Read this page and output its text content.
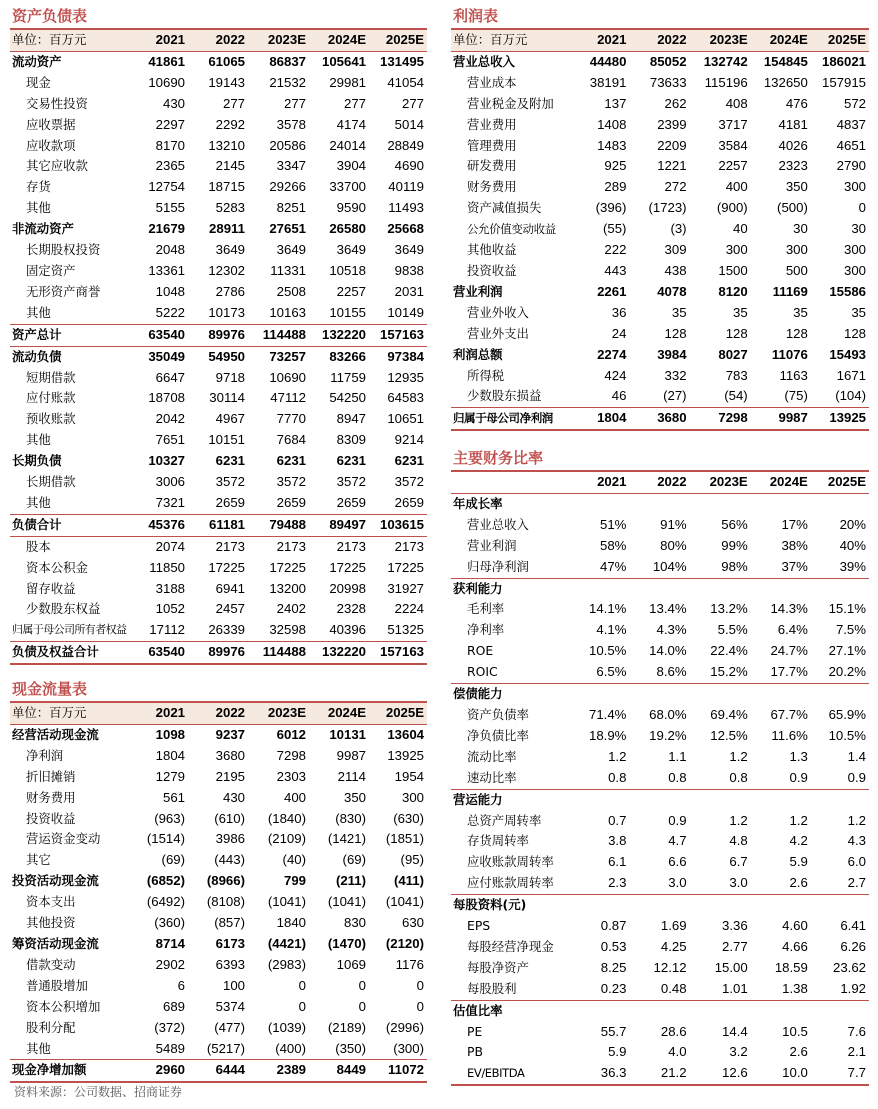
资产负债表
单位：百万元	2021	2022	2023E	2024E	2025E
流动资产	41861	61065	86837	105641	131495
现金	10690	19143	21532	29981	41054
交易性投资	430	277	277	277	277
应收票据	2297	2292	3578	4174	5014
应收款项	8170	13210	20586	24014	28849
其它应收款	2365	2145	3347	3904	4690
存货	12754	18715	29266	33700	40119
其他	5155	5283	8251	9590	11493
非流动资产	21679	28911	27651	26580	25668
长期股权投资	2048	3649	3649	3649	3649
固定资产	13361	12302	11331	10518	9838
无形资产商誉	1048	2786	2508	2257	2031
其他	5222	10173	10163	10155	10149
资产总计	63540	89976	114488	132220	157163
流动负债	35049	54950	73257	83266	97384
短期借款	6647	9718	10690	11759	12935
应付账款	18708	30114	47112	54250	64583
预收账款	2042	4967	7770	8947	10651
其他	7651	10151	7684	8309	9214
长期负债	10327	6231	6231	6231	6231
长期借款	3006	3572	3572	3572	3572
其他	7321	2659	2659	2659	2659
负债合计	45376	61181	79488	89497	103615
股本	2074	2173	2173	2173	2173
资本公积金	11850	17225	17225	17225	17225
留存收益	3188	6941	13200	20998	31927
少数股东权益	1052	2457	2402	2328	2224
归属于母公司所有者权益	17112	26339	32598	40396	51325
负债及权益合计	63540	89976	114488	132220	157163
现金流量表
单位：百万元	2021	2022	2023E	2024E	2025E
经营活动现金流	1098	9237	6012	10131	13604
净利润	1804	3680	7298	9987	13925
折旧摊销	1279	2195	2303	2114	1954
财务费用	561	430	400	350	300
投资收益	(963)	(610)	(1840)	(830)	(630)
营运资金变动	(1514)	3986	(2109)	(1421)	(1851)
其它	(69)	(443)	(40)	(69)	(95)
投资活动现金流	(6852)	(8966)	799	(211)	(411)
资本支出	(6492)	(8108)	(1041)	(1041)	(1041)
其他投资	(360)	(857)	1840	830	630
筹资活动现金流	8714	6173	(4421)	(1470)	(2120)
借款变动	2902	6393	(2983)	1069	1176
普通股增加	6	100	0	0	0
资本公积增加	689	5374	0	0	0
股利分配	(372)	(477)	(1039)	(2189)	(2996)
其他	5489	(5217)	(400)	(350)	(300)
现金净增加额	2960	6444	2389	8449	11072
利润表
单位：百万元	2021	2022	2023E	2024E	2025E
营业总收入	44480	85052	132742	154845	186021
营业成本	38191	73633	115196	132650	157915
营业税金及附加	137	262	408	476	572
营业费用	1408	2399	3717	4181	4837
管理费用	1483	2209	3584	4026	4651
研发费用	925	1221	2257	2323	2790
财务费用	289	272	400	350	300
资产减值损失	(396)	(1723)	(900)	(500)	0
公允价值变动收益	(55)	(3)	40	30	30
其他收益	222	309	300	300	300
投资收益	443	438	1500	500	300
营业利润	2261	4078	8120	11169	15586
营业外收入	36	35	35	35	35
营业外支出	24	128	128	128	128
利润总额	2274	3984	8027	11076	15493
所得税	424	332	783	1163	1671
少数股东损益	46	(27)	(54)	(75)	(104)
归属于母公司净利润	1804	3680	7298	9987	13925
主要财务比率
	2021	2022	2023E	2024E	2025E
年成长率					
营业总收入	51%	91%	56%	17%	20%
营业利润	58%	80%	99%	38%	40%
归母净利润	47%	104%	98%	37%	39%
获利能力					
毛利率	14.1%	13.4%	13.2%	14.3%	15.1%
净利率	4.1%	4.3%	5.5%	6.4%	7.5%
ROE	10.5%	14.0%	22.4%	24.7%	27.1%
ROIC	6.5%	8.6%	15.2%	17.7%	20.2%
偿债能力					
资产负债率	71.4%	68.0%	69.4%	67.7%	65.9%
净负债比率	18.9%	19.2%	12.5%	11.6%	10.5%
流动比率	1.2	1.1	1.2	1.3	1.4
速动比率	0.8	0.8	0.8	0.9	0.9
营运能力					
总资产周转率	0.7	0.9	1.2	1.2	1.2
存货周转率	3.8	4.7	4.8	4.2	4.3
应收账款周转率	6.1	6.6	6.7	5.9	6.0
应付账款周转率	2.3	3.0	3.0	2.6	2.7
每股资料(元)					
EPS	0.87	1.69	3.36	4.60	6.41
每股经营净现金	0.53	4.25	2.77	4.66	6.26
每股净资产	8.25	12.12	15.00	18.59	23.62
每股股利	0.23	0.48	1.01	1.38	1.92
估值比率					
PE	55.7	28.6	14.4	10.5	7.6
PB	5.9	4.0	3.2	2.6	2.1
EV/EBITDA	36.3	21.2	12.6	10.0	7.7
资料来源：公司数据、招商证券
